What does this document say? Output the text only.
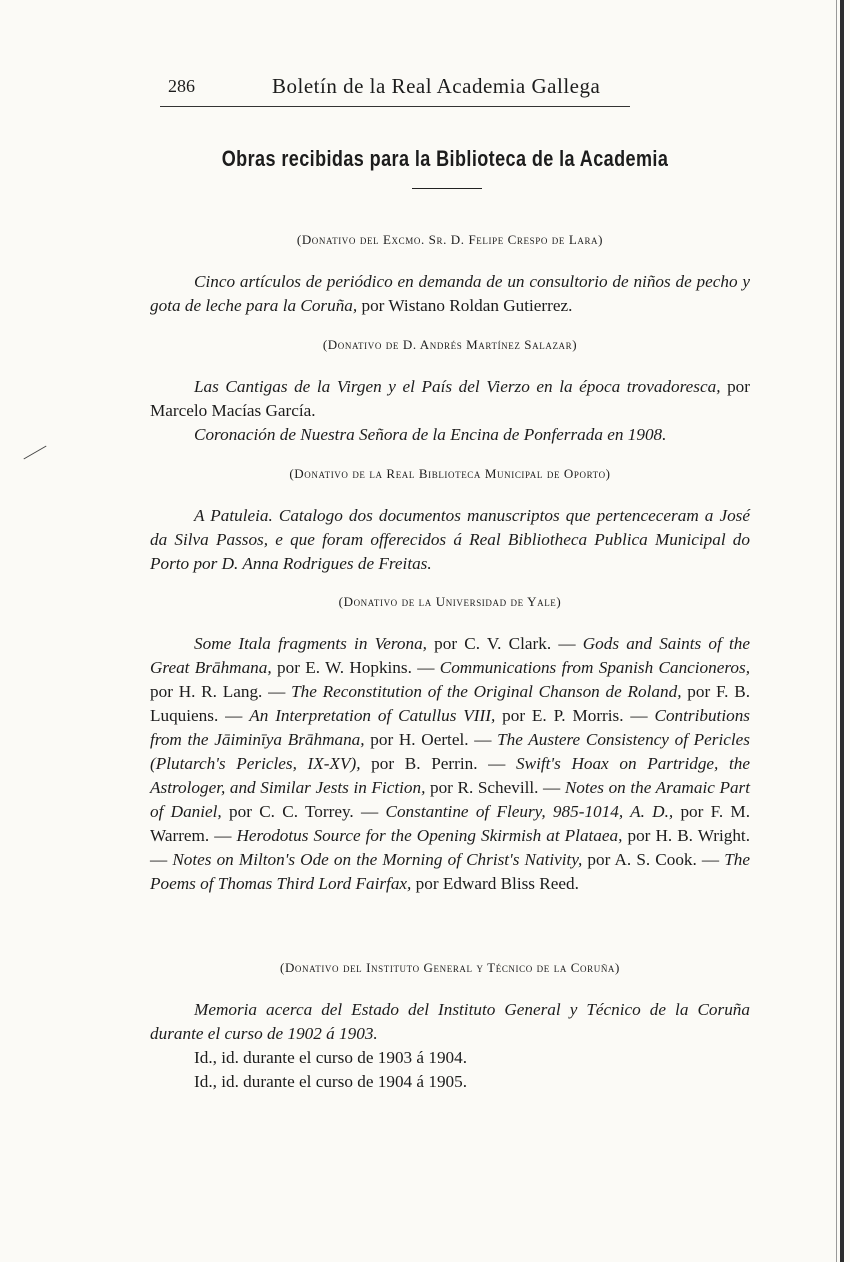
286	Boletín de la Real Academia Gallega
Obras recibidas para la Biblioteca de la Academia
(Donativo del Excmo. Sr. D. Felipe Crespo de Lara)
Cinco artículos de periódico en demanda de un consultorio de niños de pecho y gota de leche para la Coruña, por Wistano Roldan Gutierrez.
(Donativo de D. Andrés Martínez Salazar)
Las Cantigas de la Virgen y el País del Vierzo en la época trovadoresca, por Marcelo Macías García.
Coronación de Nuestra Señora de la Encina de Ponferrada en 1908.
(Donativo de la Real Biblioteca Municipal de Oporto)
A Patuleia. Catalogo dos documentos manuscriptos que pertenceceram a José da Silva Passos, e que foram offerecidos á Real Bibliotheca Publica Municipal do Porto por D. Anna Rodrigues de Freitas.
(Donativo de la Universidad de Yale)
Some Itala fragments in Verona, por C. V. Clark. — Gods and Saints of the Great Brāhmana, por E. W. Hopkins. — Communications from Spanish Cancioneros, por H. R. Lang. — The Reconstitution of the Original Chanson de Roland, por F. B. Luquiens. — An Interpretation of Catullus VIII, por E. P. Morris. — Contributions from the Jāiminīya Brāhmana, por H. Oertel. — The Austere Consistency of Pericles (Plutarch's Pericles, IX-XV), por B. Perrin. — Swift's Hoax on Partridge, the Astrologer, and Similar Jests in Fiction, por R. Schevill. — Notes on the Aramaic Part of Daniel, por C. C. Torrey. — Constantine of Fleury, 985-1014, A. D., por F. M. Warrem. — Herodotus Source for the Opening Skirmish at Plataea, por H. B. Wright. — Notes on Milton's Ode on the Morning of Christ's Nativity, por A. S. Cook. — The Poems of Thomas Third Lord Fairfax, por Edward Bliss Reed.
(Donativo del Instituto General y Técnico de la Coruña)
Memoria acerca del Estado del Instituto General y Técnico de la Coruña durante el curso de 1902 á 1903.
Id., id. durante el curso de 1903 á 1904.
Id., id. durante el curso de 1904 á 1905.
